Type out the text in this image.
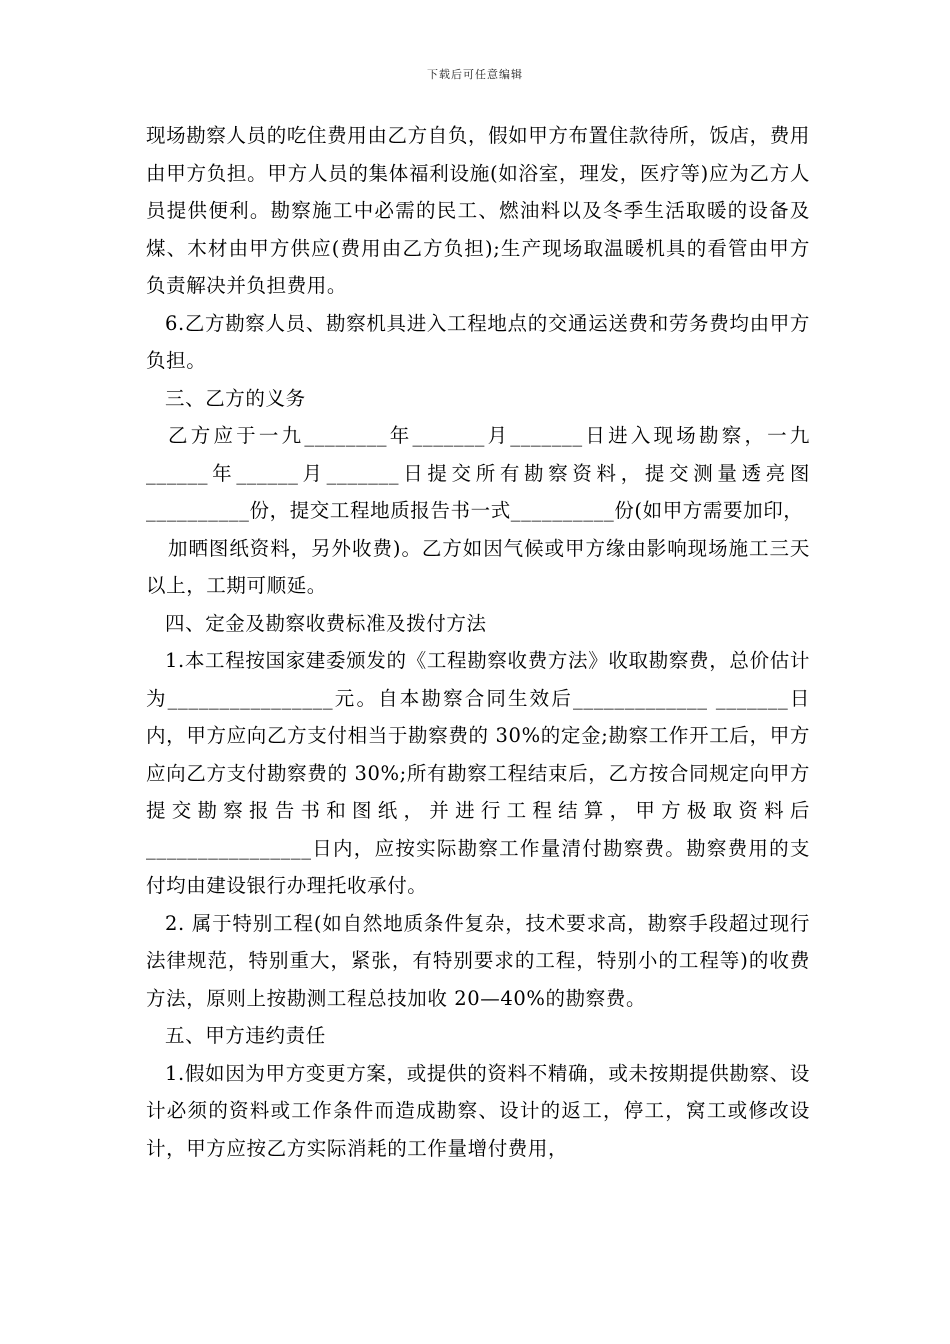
下载后可任意编辑

现场勘察人员的吃住费用由乙方自负，假如甲方布置住款待所，饭店，费用由甲方负担。甲方人员的集体福利设施(如浴室，理发，医疗等)应为乙方人员提供便利。勘察施工中必需的民工、燃油料以及冬季生活取暖的设备及煤、木材由甲方供应(费用由乙方负担);生产现场取温暖机具的看管由甲方负责解决并负担费用。

6.乙方勘察人员、勘察机具进入工程地点的交通运送费和劳务费均由甲方负担。

三、乙方的义务

乙方应于一九________年_______月_______日进入现场勘察，一九______年______月_______日提交所有勘察资料，提交测量透亮图__________份，提交工程地质报告书一式__________份(如甲方需要加印，

加晒图纸资料，另外收费)。乙方如因气候或甲方缘由影响现场施工三天以上，工期可顺延。

四、定金及勘察收费标准及拨付方法

1.本工程按国家建委颁发的《工程勘察收费方法》收取勘察费，总价估计为________________元。自本勘察合同生效后_____________ _______日内，甲方应向乙方支付相当于勘察费的 30%的定金;勘察工作开工后，甲方应向乙方支付勘察费的 30%;所有勘察工程结束后，乙方按合同规定向甲方提交勘察报告书和图纸，并进行工程结算，甲方极取资料后________________日内，应按实际勘察工作量清付勘察费。勘察费用的支付均由建设银行办理托收承付。

2. 属于特别工程(如自然地质条件复杂，技术要求高，勘察手段超过现行法律规范，特别重大，紧张，有特别要求的工程，特别小的工程等)的收费方法，原则上按勘测工程总技加收 20—40%的勘察费。

五、甲方违约责任

1.假如因为甲方变更方案，或提供的资料不精确，或未按期提供勘察、设计必须的资料或工作条件而造成勘察、设计的返工，停工，窝工或修改设计，甲方应按乙方实际消耗的工作量增付费用，
